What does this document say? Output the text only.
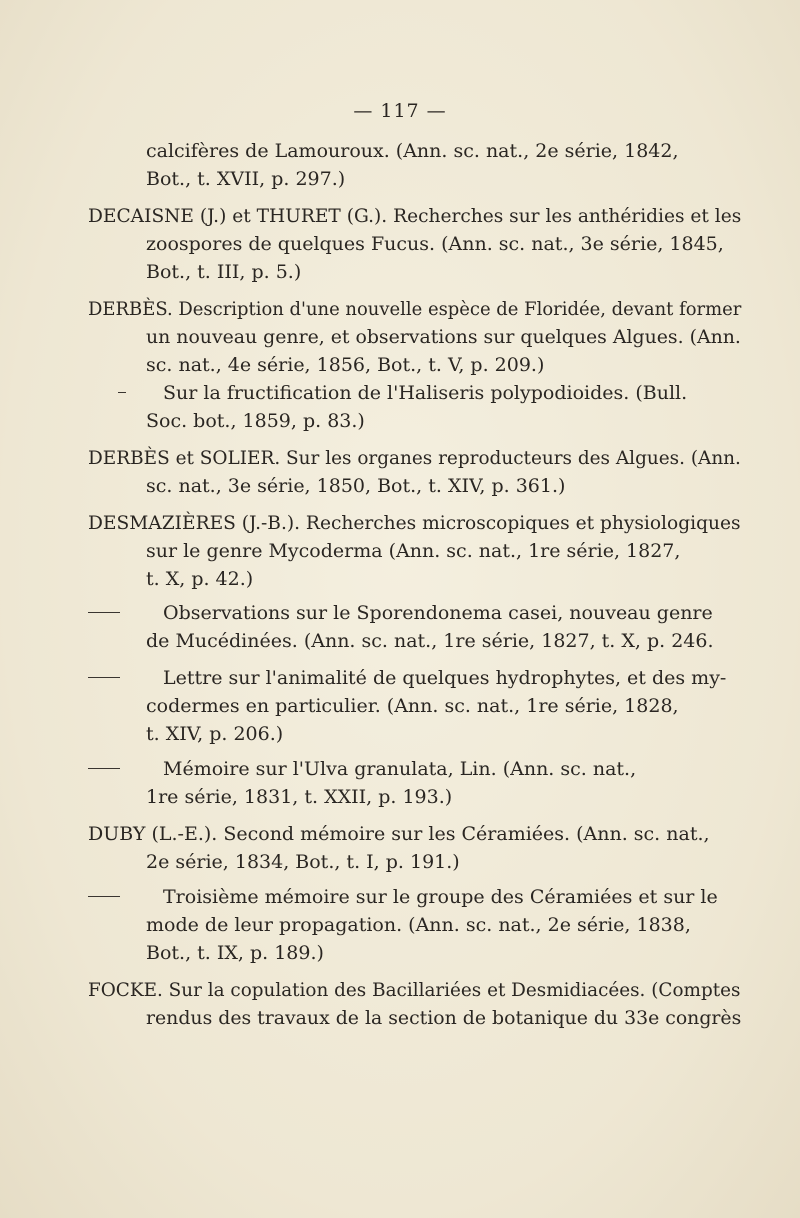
— 117 —
calcifères de Lamouroux. (Ann. sc. nat., 2e série, 1842,
Bot., t. XVII, p. 297.)
DECAISNE (J.) et THURET (G.). Recherches sur les anthéridies et les
zoospores de quelques Fucus. (Ann. sc. nat., 3e série, 1845,
Bot., t. III, p. 5.)
DERBÈS. Description d'une nouvelle espèce de Floridée, devant former
un nouveau genre, et observations sur quelques Algues. (Ann.
sc. nat., 4e série, 1856, Bot., t. V, p. 209.)
Sur la fructification de l'Haliseris polypodioides. (Bull.
Soc. bot., 1859, p. 83.)
DERBÈS et SOLIER. Sur les organes reproducteurs des Algues. (Ann.
sc. nat., 3e série, 1850, Bot., t. XIV, p. 361.)
DESMAZIÈRES (J.-B.). Recherches microscopiques et physiologiques
sur le genre Mycoderma (Ann. sc. nat., 1re série, 1827,
t. X, p. 42.)
Observations sur le Sporendonema casei, nouveau genre
de Mucédinées. (Ann. sc. nat., 1re série, 1827, t. X, p. 246.
Lettre sur l'animalité de quelques hydrophytes, et des my-
codermes en particulier. (Ann. sc. nat., 1re série, 1828,
t. XIV, p. 206.)
Mémoire sur l'Ulva granulata, Lin. (Ann. sc. nat.,
1re série, 1831, t. XXII, p. 193.)
DUBY (L.-E.). Second mémoire sur les Céramiées. (Ann. sc. nat.,
2e série, 1834, Bot., t. I, p. 191.)
Troisième mémoire sur le groupe des Céramiées et sur le
mode de leur propagation. (Ann. sc. nat., 2e série, 1838,
Bot., t. IX, p. 189.)
FOCKE. Sur la copulation des Bacillariées et Desmidiacées. (Comptes
rendus des travaux de la section de botanique du 33e congrès
